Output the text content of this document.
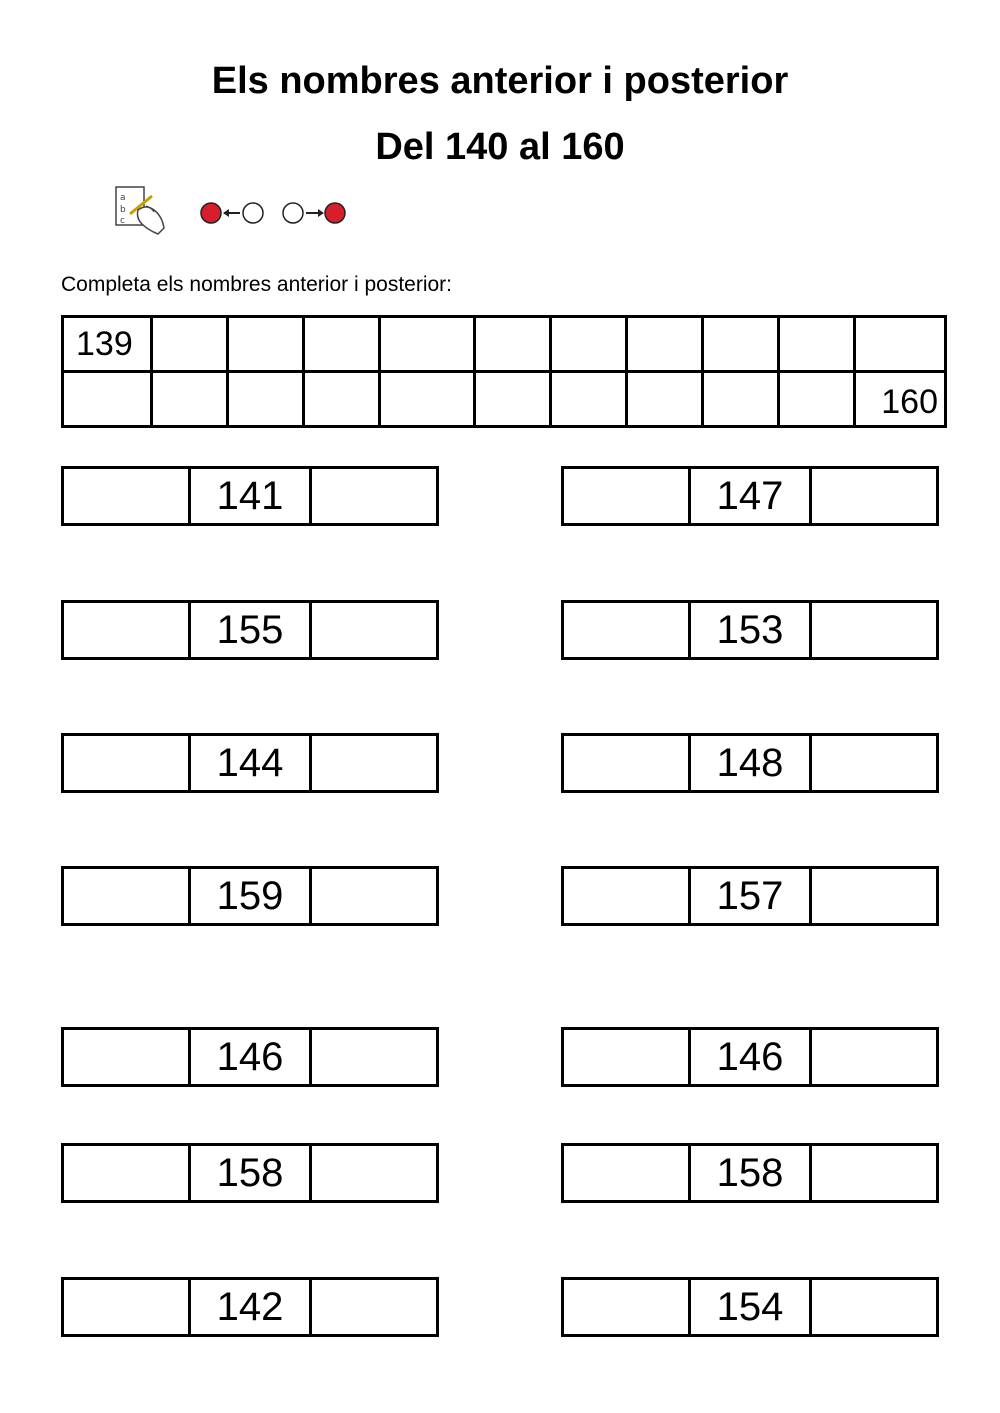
Els nombres anterior i posterior
Del 140 al 160
a
b
c
Completa els nombres anterior i posterior:
139										

										160
141
155
144
159
146
158
142
147
153
148
157
146
158
154
